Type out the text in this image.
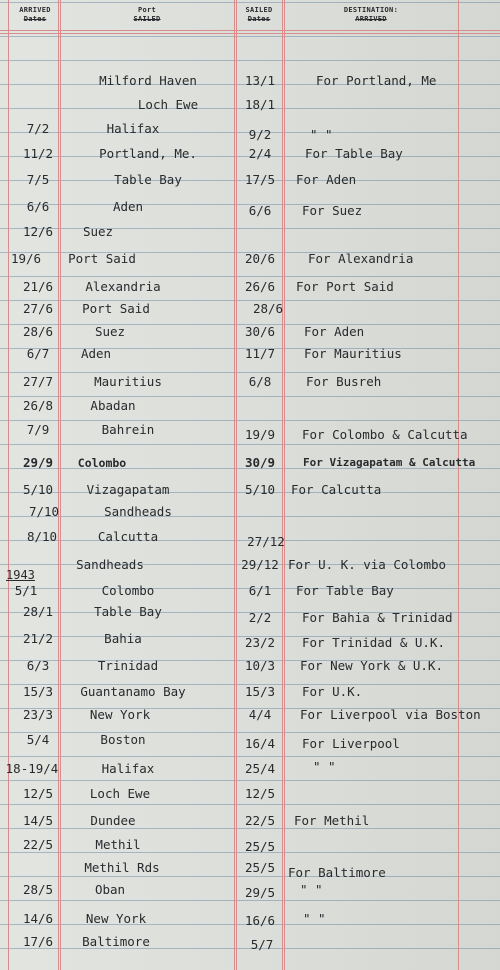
ARRIVED
Dates
Port
SAILED
SAILED
Dates
DESTINATION:
ARRIVED
1943
Milford Haven	13/1	For Portland, Me
Loch Ewe	18/1
7/2	Halifax	9/2	" "
11/2	Portland, Me.	2/4	For Table Bay
7/5	Table Bay	17/5	For Aden
6/6	Aden	6/6	For Suez
12/6	Suez
19/6	Port Said	20/6	For Alexandria
21/6	Alexandria	26/6	For Port Said
27/6	Port Said	28/6
28/6	Suez	30/6	For Aden
6/7	Aden	11/7	For Mauritius
27/7	Mauritius	6/8	For Busreh
26/8	Abadan
7/9	Bahrein	19/9	For Colombo & Calcutta
29/9	Colombo	30/9	For Vizagapatam & Calcutta
5/10	Vizagapatam	5/10	For Calcutta
7/10	Sandheads
8/10	Calcutta	27/12
Sandheads	29/12 For U. K. via Colombo
5/1	Colombo	6/1	For Table Bay
28/1	Table Bay	2/2	For Bahia & Trinidad
21/2	Bahia	23/2	For Trinidad & U.K.
6/3	Trinidad	10/3	For New York & U.K.
15/3	Guantanamo Bay	15/3	For U.K.
23/3	New York	4/4	For Liverpool via Boston
5/4	Boston	16/4	For Liverpool
18-19/4	Halifax	25/4	" "
12/5	Loch Ewe	12/5
14/5	Dundee	22/5	For Methil
22/5	Methil	25/5
Methil Rds	25/5	For Baltimore
28/5	Oban	29/5	" "
14/6	New York	16/6	" "
17/6	Baltimore	5/7
